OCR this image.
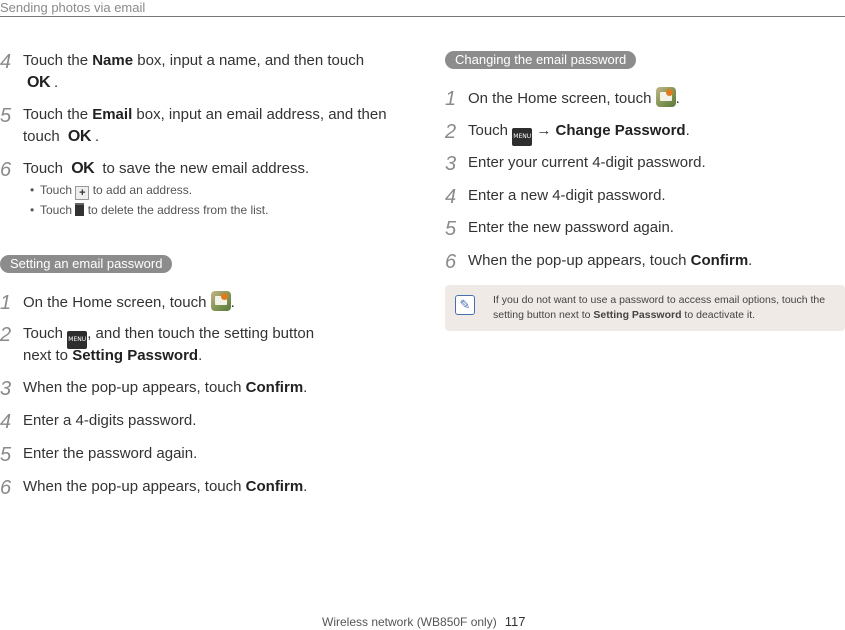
Sending photos via email
4 Touch the Name box, input a name, and then touch
OK .
5 Touch the Email box, input an email address, and then
touch OK .
6 Touch OK to save the new email address.
• Touch + to add an address.
• Touch  to delete the address from the list.
Setting an email password
1 On the Home screen, touch .
2 Touch MENU, and then touch the setting button
next to Setting Password.
3 When the pop-up appears, touch Confirm.
4 Enter a 4-digits password.
5 Enter the password again.
6 When the pop-up appears, touch Confirm.
Changing the email password
1 On the Home screen, touch .
2 Touch MENU → Change Password.
3 Enter your current 4-digit password.
4 Enter a new 4-digit password.
5 Enter the new password again.
6 When the pop-up appears, touch Confirm.
✎	If you do not want to use a password to access email options, touch the
setting button next to Setting Password to deactivate it.
Wireless network (WB850F only) 117
